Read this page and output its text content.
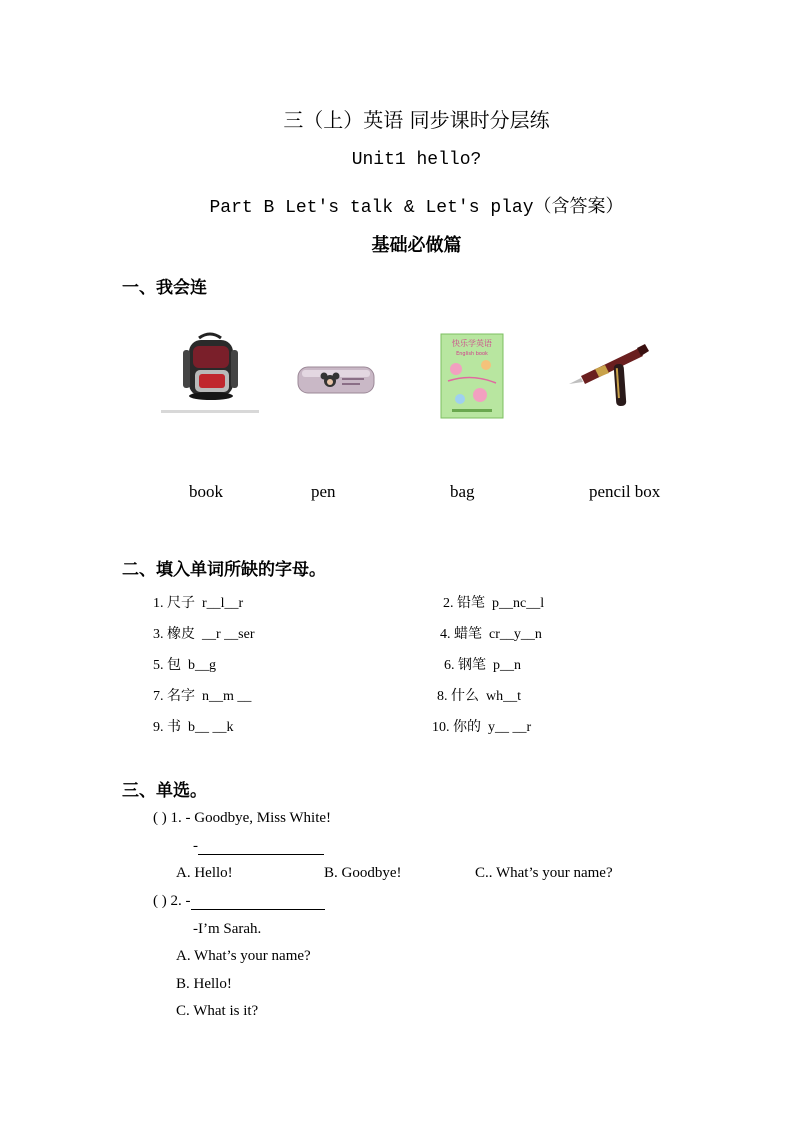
三（上）英语 同步课时分层练
Unit1 hello?
Part B Let's talk & Let's play（含答案）
基础必做篇
一、我会连
快乐学英语
English book
book	pen	bag	pencil box
二、填入单词所缺的字母。
1. 尺子 r__l__r	2. 铅笔 p__nc__l
3. 橡皮 __r __ser	4. 蜡笔 cr__y__n
5. 包 b__g	6. 钢笔 p__n
7. 名字 n__m __	8. 什么 wh__t
9. 书 b__ __k	10. 你的 y__ __r
三、单选。
( ) 1. - Goodbye, Miss White!
-
A. Hello!	B. Goodbye!	C.. What’s your name?
( ) 2. -
-I’m Sarah.
A. What’s your name?
B. Hello!
C. What is it?
